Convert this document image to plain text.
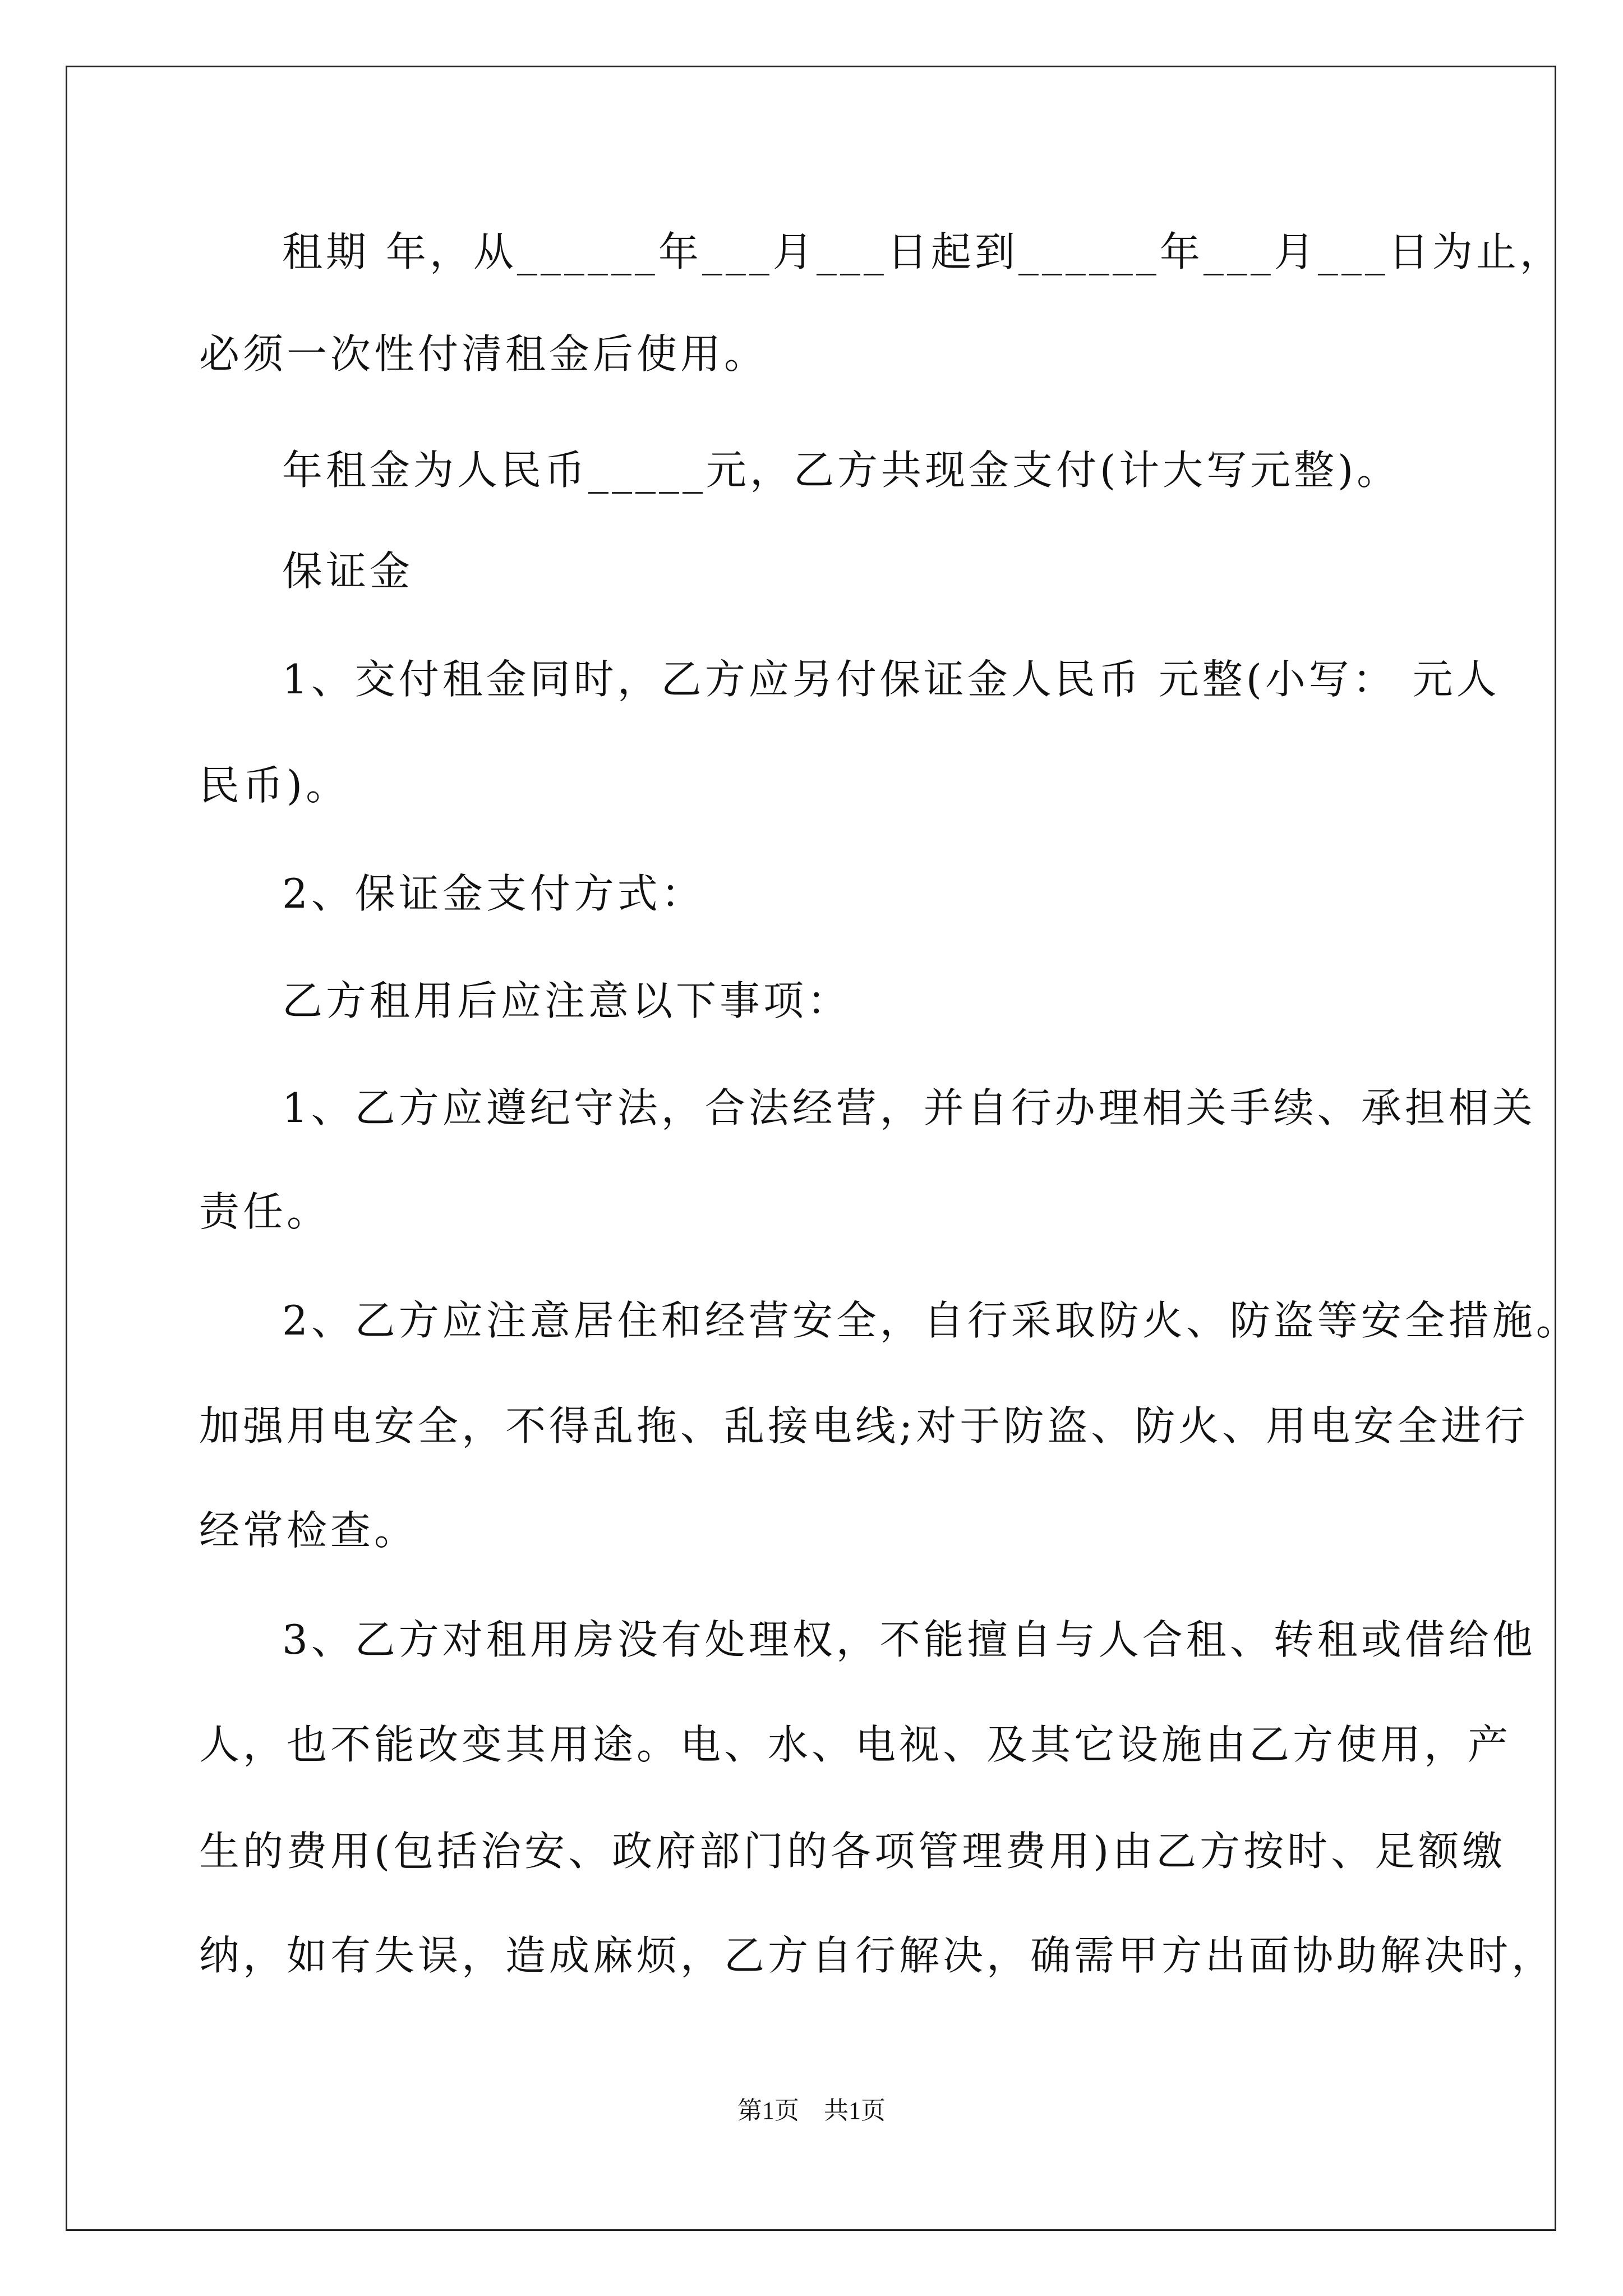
租期 年，从______年___月___日起到______年___月___日为止，
必须一次性付清租金后使用。
年租金为人民币_____元，乙方共现金支付(计大写元整)。
保证金
1、交付租金同时，乙方应另付保证金人民币 元整(小写： 元人
民币)。
2、保证金支付方式：
乙方租用后应注意以下事项：
1、乙方应遵纪守法，合法经营，并自行办理相关手续、承担相关
责任。
2、乙方应注意居住和经营安全，自行采取防火、防盗等安全措施。
加强用电安全，不得乱拖、乱接电线;对于防盗、防火、用电安全进行
经常检查。
3、乙方对租用房没有处理权，不能擅自与人合租、转租或借给他
人，也不能改变其用途。电、水、电视、及其它设施由乙方使用，产
生的费用(包括治安、政府部门的各项管理费用)由乙方按时、足额缴
纳，如有失误，造成麻烦，乙方自行解决，确需甲方出面协助解决时，
第1页　共1页
